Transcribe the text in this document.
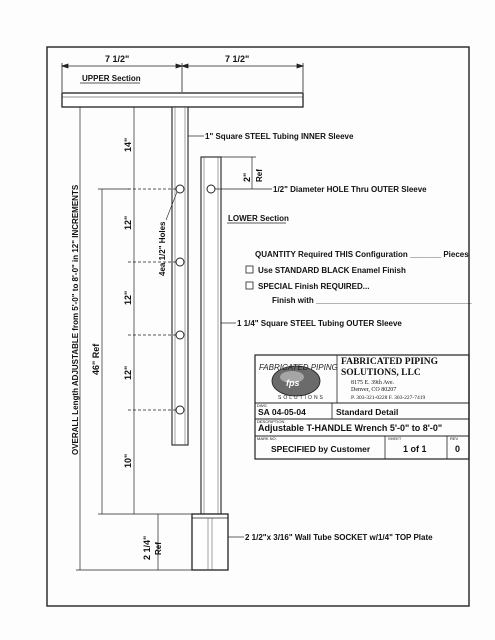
7 1/2"	7 1/2"
UPPER Section
14"
12"
12"
12"
10"
4ea 1/2" Holes
46" Ref
OVERALL Length ADJUSTABLE from 5'-0" to 8'-0" in 12" INCREMENTS
2" Ref
2 1/4" Ref
1" Square STEEL Tubing INNER Sleeve
1/2" Diameter HOLE Thru OUTER Sleeve
1 1/4" Square STEEL Tubing OUTER Sleeve
2 1/2"x 3/16" Wall Tube SOCKET w/1/4" TOP Plate
LOWER Section
QUANTITY Required THIS Configuration _______ Pieces
Use STANDARD BLACK Enamel Finish
SPECIAL Finish REQUIRED...
Finish with ___________________________________
fps
FABRICATED PIPING
SOLUTIONS
FABRICATED PIPING SOLUTIONS, LLC
8175 E. 39th Ave.
Denver, CO 80207
P. 303-321-0228 F. 303-227-7419
DWG
SA 04-05-04	Standard Detail
DESCRIPTION
Adjustable T-HANDLE Wrench 5'-0" to 8'-0"
MARK NO.
SPECIFIED by Customer
SHEET
1 of 1
REV
0
